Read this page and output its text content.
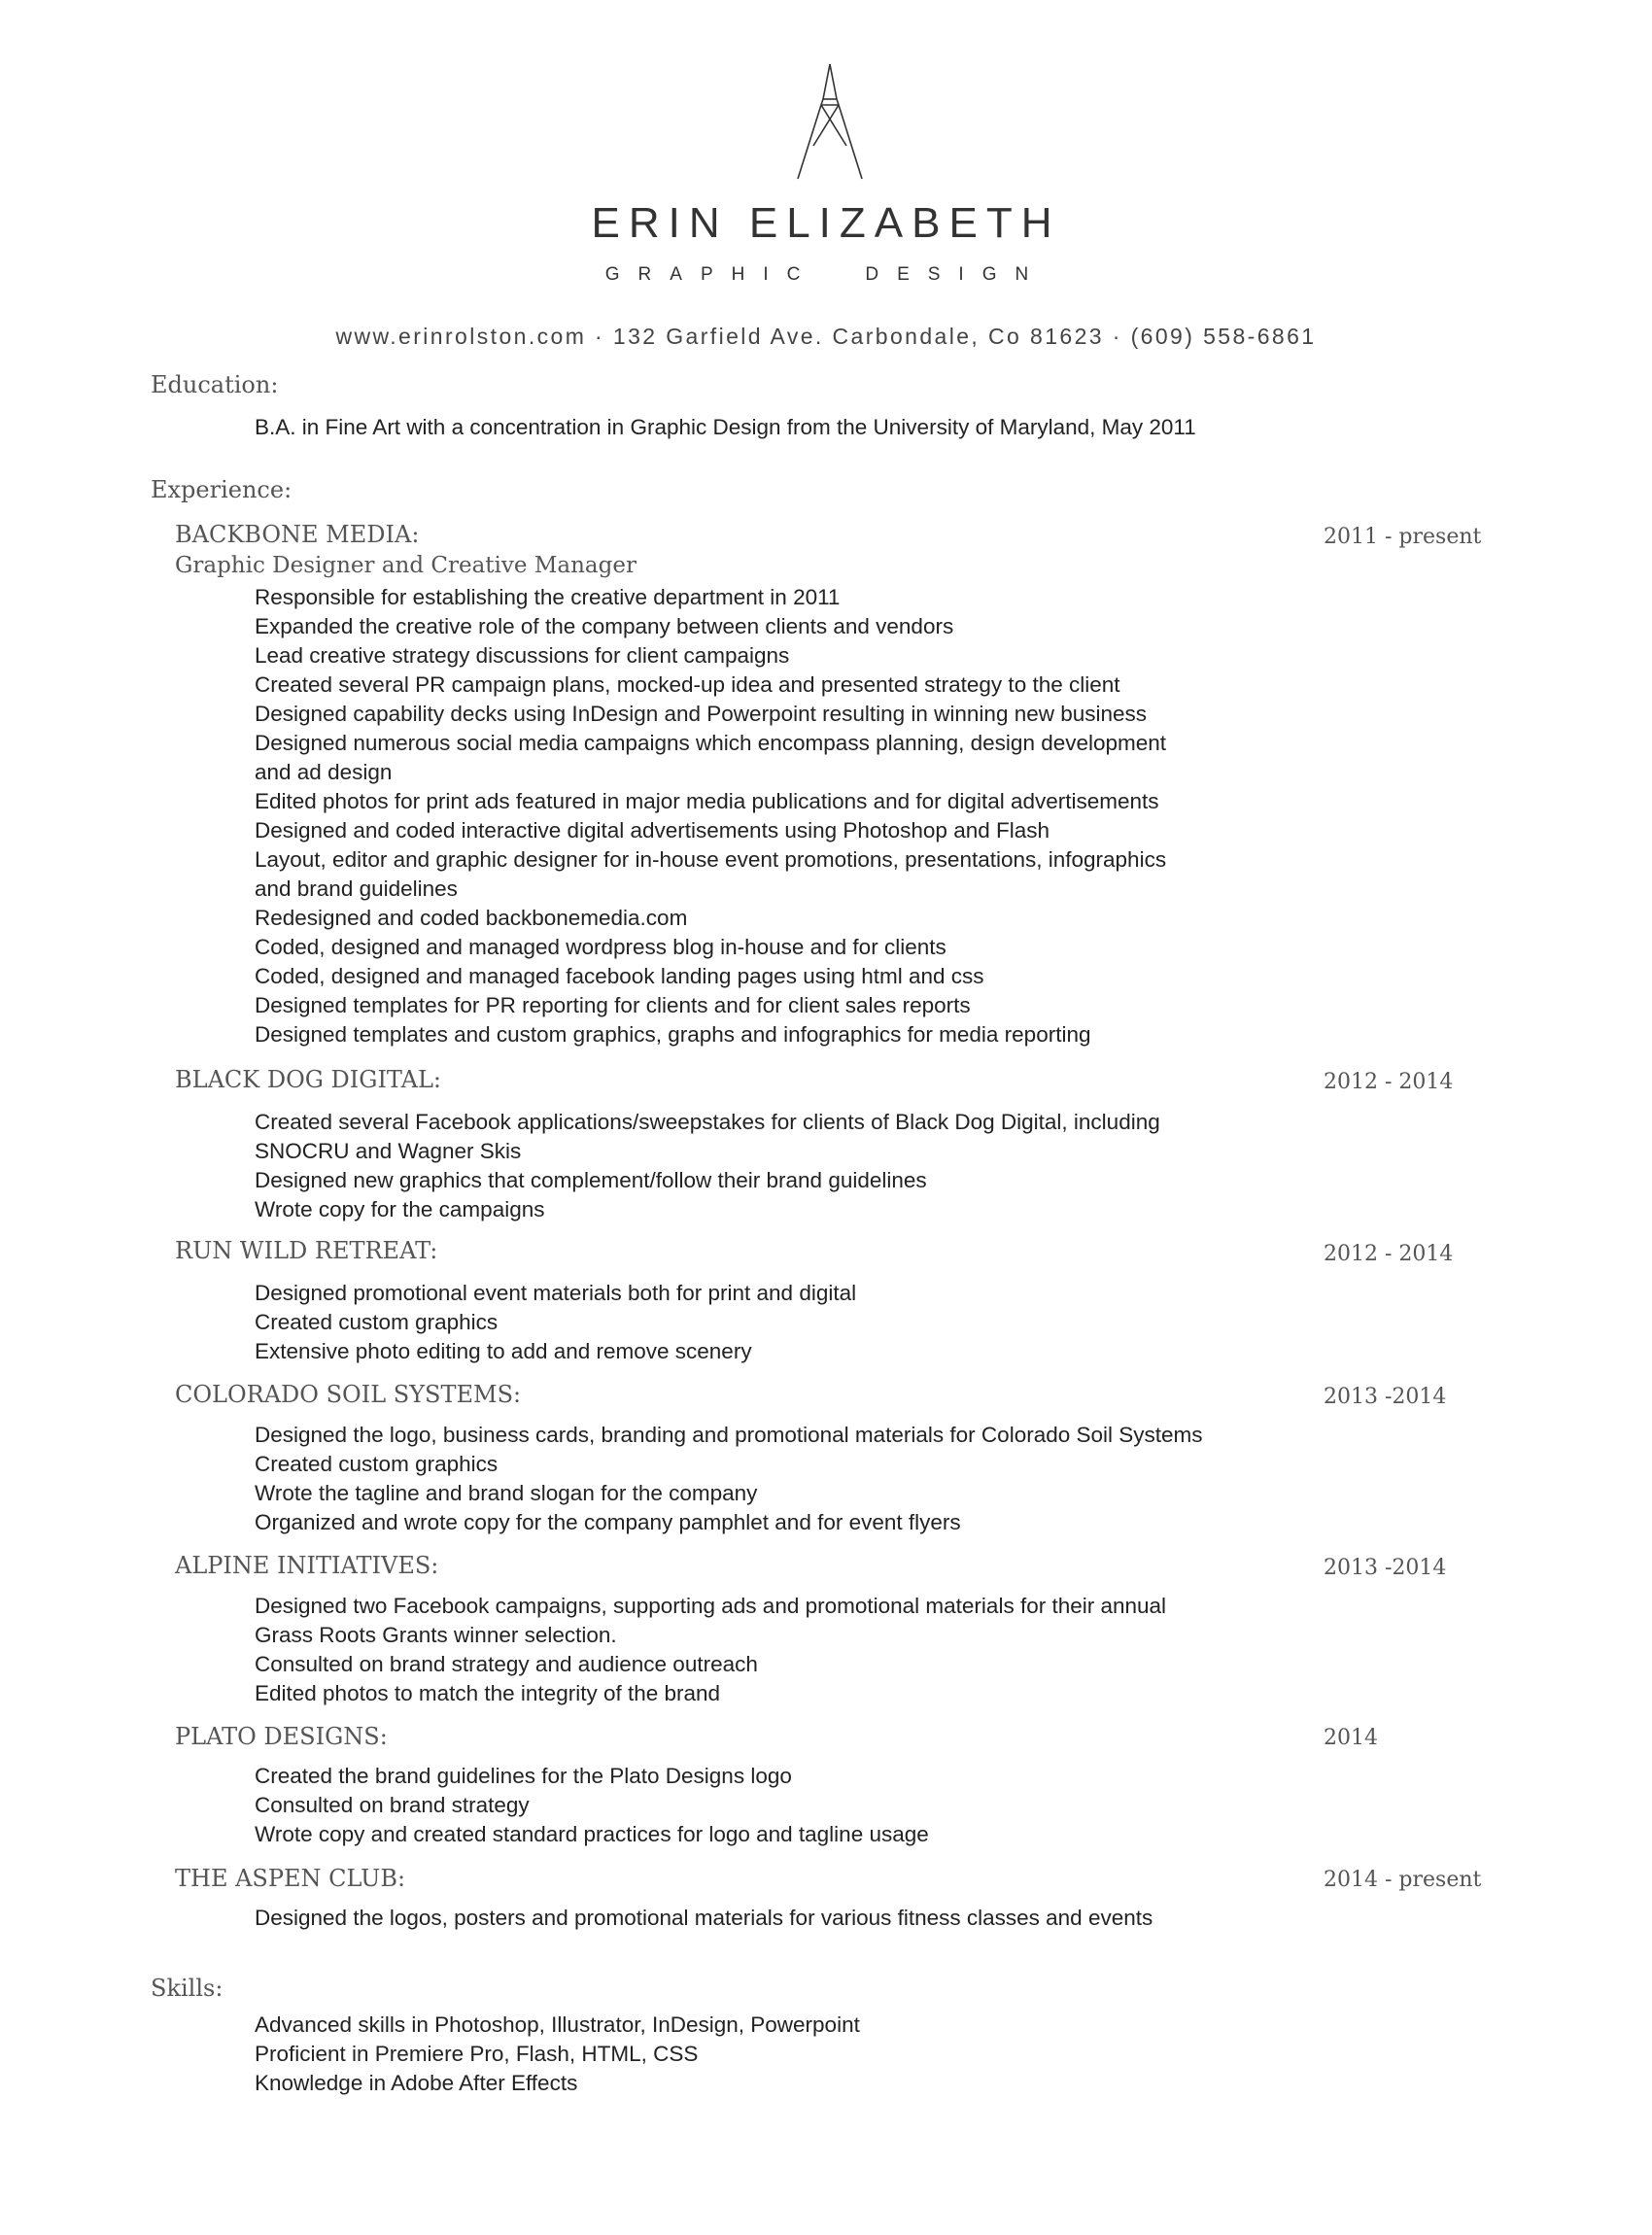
ERIN ELIZABETH
GRAPHIC	DESIGN
www.erinrolston.com · 132 Garfield Ave. Carbondale, Co 81623 · (609) 558-6861
Education:
B.A. in Fine Art with a concentration in Graphic Design from the University of Maryland, May 2011
Experience:
BACKBONE MEDIA:	2011 - present
Graphic Designer and Creative Manager
Responsible for establishing the creative department in 2011
Expanded the creative role of the company between clients and vendors
Lead creative strategy discussions for client campaigns
Created several PR campaign plans, mocked-up idea and presented strategy to the client
Designed capability decks using InDesign and Powerpoint resulting in winning new business
Designed numerous social media campaigns which encompass planning, design development
and ad design
Edited photos for print ads featured in major media publications and for digital advertisements
Designed and coded interactive digital advertisements using Photoshop and Flash
Layout, editor and graphic designer for in-house event promotions, presentations, infographics
and brand guidelines
Redesigned and coded backbonemedia.com
Coded, designed and managed wordpress blog in-house and for clients
Coded, designed and managed facebook landing pages using html and css
Designed templates for PR reporting for clients and for client sales reports
Designed templates and custom graphics, graphs and infographics for media reporting
BLACK DOG DIGITAL:	2012 - 2014
Created several Facebook applications/sweepstakes for clients of Black Dog Digital, including
SNOCRU and Wagner Skis
Designed new graphics that complement/follow their brand guidelines
Wrote copy for the campaigns
RUN WILD RETREAT:	2012 - 2014
Designed promotional event materials both for print and digital
Created custom graphics
Extensive photo editing to add and remove scenery
COLORADO SOIL SYSTEMS:	2013 -2014
Designed the logo, business cards, branding and promotional materials for Colorado Soil Systems
Created custom graphics
Wrote the tagline and brand slogan for the company
Organized and wrote copy for the company pamphlet and for event flyers
ALPINE INITIATIVES:	2013 -2014
Designed two Facebook campaigns, supporting ads and promotional materials for their annual
Grass Roots Grants winner selection.
Consulted on brand strategy and audience outreach
Edited photos to match the integrity of the brand
PLATO DESIGNS:	2014
Created the brand guidelines for the Plato Designs logo
Consulted on brand strategy
Wrote copy and created standard practices for logo and tagline usage
THE ASPEN CLUB:	2014 - present
Designed the logos, posters and promotional materials for various fitness classes and events
Skills:
Advanced skills in Photoshop, Illustrator, InDesign, Powerpoint
Proficient in Premiere Pro, Flash, HTML, CSS
Knowledge in Adobe After Effects
